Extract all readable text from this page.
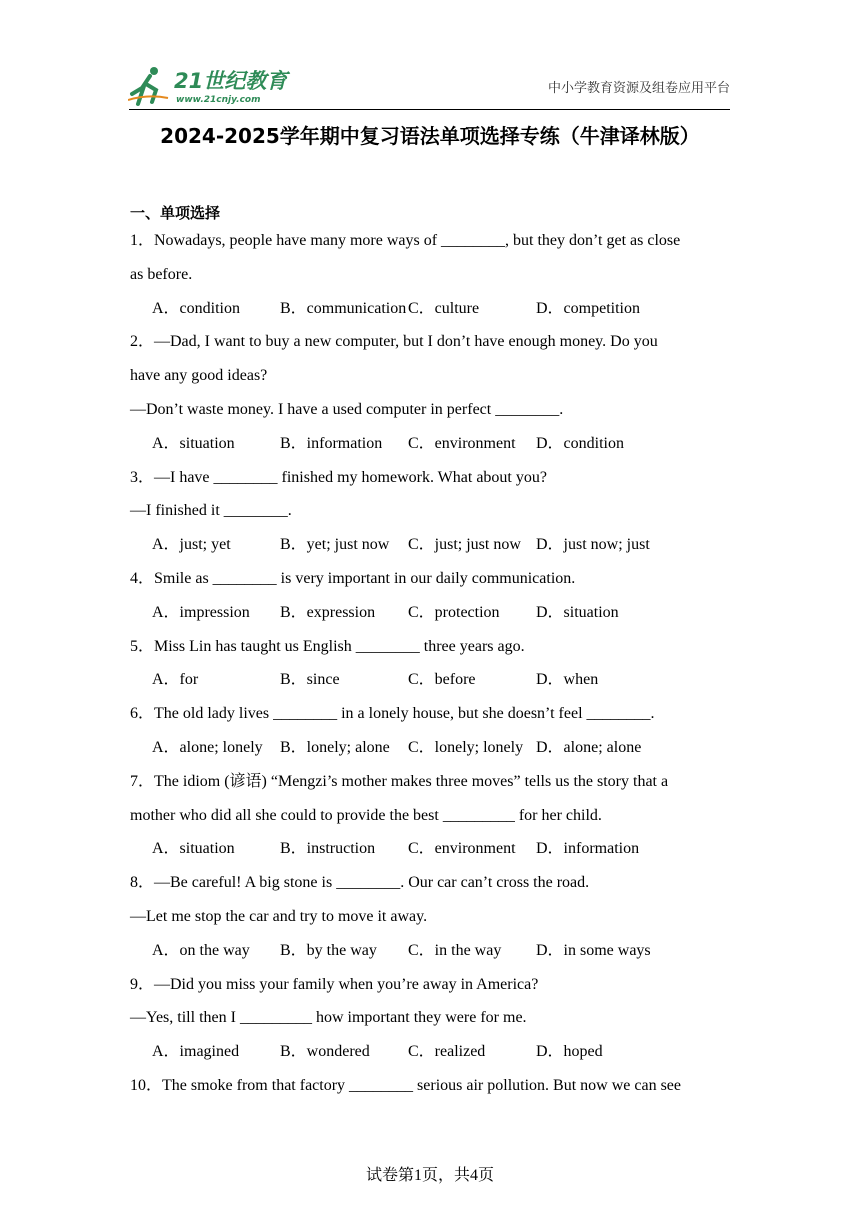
21世纪教育
www.21cnjy.com
中小学教育资源及组卷应用平台
2024-2025学年期中复习语法单项选择专练（牛津译林版）
一、单项选择
1．Nowadays, people have many more ways of ________, but they don’t get as close
as before.
A．condition	B．communication C．culture	D．competition
2．—Dad, I want to buy a new computer, but I don’t have enough money. Do you
have any good ideas?
—Don’t waste money. I have a used computer in perfect ________.
A．situation	B．information	C．environment	D．condition
3．—I have ________ finished my homework. What about you?
—I finished it ________.
A．just; yet	B．yet; just now	C．just; just now D．just now; just
4．Smile as ________ is very important in our daily communication.
A．impression	B．expression	C．protection	D．situation
5．Miss Lin has taught us English ________ three years ago.
A．for	B．since	C．before	D．when
6．The old lady lives ________ in a lonely house, but she doesn’t feel ________.
A．alone; lonely	B．lonely; alone	C．lonely; lonely D．alone; alone
7．The idiom (谚语) “Mengzi’s mother makes three moves” tells us the story that a
mother who did all she could to provide the best _________ for her child.
A．situation	B．instruction	C．environment	D．information
8．—Be careful! A big stone is ________. Our car can’t cross the road.
—Let me stop the car and try to move it away.
A．on the way	B．by the way	C．in the way	D．in some ways
9．—Did you miss your family when you’re away in America?
—Yes, till then I _________ how important they were for me.
A．imagined	B．wondered	C．realized	D．hoped
10．The smoke from that factory ________ serious air pollution. But now we can see
试卷第1页，共4页
